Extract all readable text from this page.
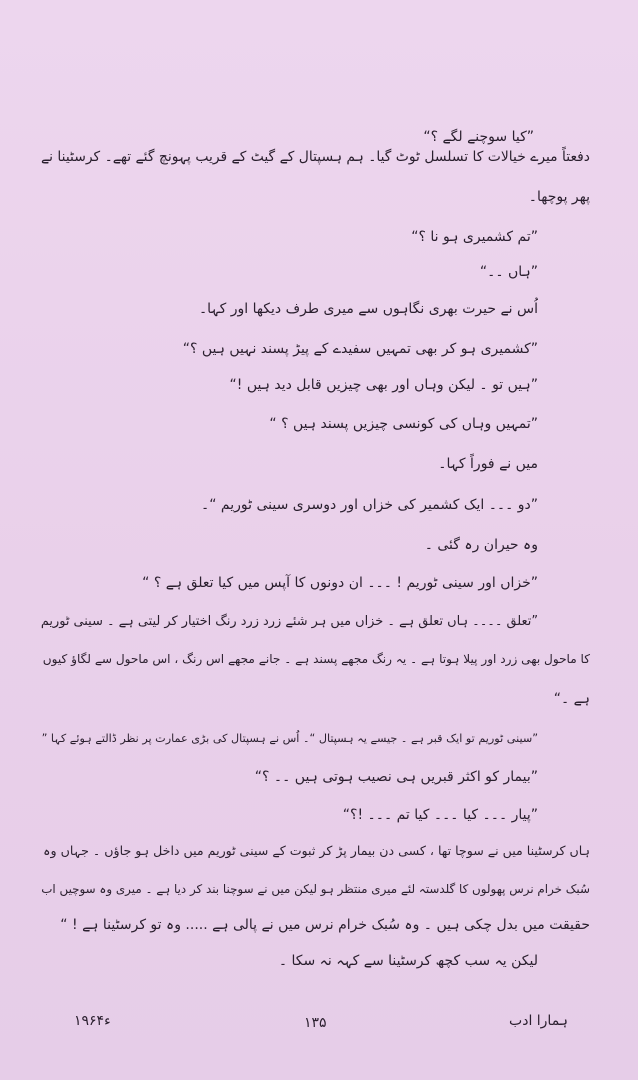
”کیا سوچنے لگے ؟“
دفعتاً میرے خیالات کا تسلسل ٹوٹ گیا۔ ہم ہسپتال کے گیٹ کے قریب پہونچ گئے تھے۔ کرسٹینا نے
پھر پوچھا۔
”تم کشمیری ہو نا ؟“
”ہاں ۔۔“
اُس نے حیرت بھری نگاہوں سے میری طرف دیکھا اور کہا۔
”کشمیری ہو کر بھی تمہیں سفیدے کے پیڑ پسند نہیں ہیں ؟“
”ہیں تو ۔ لیکن وہاں اور بھی چیزیں قابل دید ہیں !“
”تمہیں وہاں کی کونسی چیزیں پسند ہیں ؟ “
میں نے فوراً کہا۔
”دو ۔۔۔ ایک کشمیر کی خزاں اور دوسری سینی ٹوریم “۔
وہ حیران رہ گئی ۔
”خزاں اور سینی ٹوریم ! ۔۔۔ ان دونوں کا آپس میں کیا تعلق ہے ؟ “
”تعلق ۔۔۔۔ ہاں تعلق ہے ۔ خزاں میں ہر شئے زرد زرد رنگ اختیار کر لیتی ہے ۔ سینی ٹوریم
کا ماحول بھی زرد اور پیلا ہوتا ہے ۔ یہ رنگ مجھے پسند ہے ۔ جانے مجھے اس رنگ ، اس ماحول سے لگاؤ کیوں
ہے ۔“
”سینی ٹوریم تو ایک قبر ہے ۔ جیسے یہ ہسپتال “۔ اُس نے ہسپتال کی بڑی عمارت پر نظر ڈالتے ہوئے کہا ”
”بیمار کو اکثر قبریں ہی نصیب ہوتی ہیں ۔۔ ؟“
”پیار ۔۔۔ کیا ۔۔۔ کیا تم ۔۔۔ !؟“
ہاں کرسٹینا میں نے سوچا تھا ، کسی دن بیمار پڑ کر ثبوت کے سینی ٹوریم میں داخل ہو جاؤں ۔ جہاں وہ
سُبک خرام نرس پھولوں کا گلدستہ لئے میری منتظر ہو لیکن میں نے سوچنا بند کر دیا ہے ۔ میری وہ سوچیں اب
حقیقت میں بدل چکی ہیں ۔ وہ سُبک خرام نرس میں نے پالی ہے ..... وہ تو کرسٹینا ہے ! “
لیکن یہ سب کچھ کرسٹینا سے کہہ نہ سکا ۔
۱۹۶۴ء	۱۳۵	ہمارا ادب
